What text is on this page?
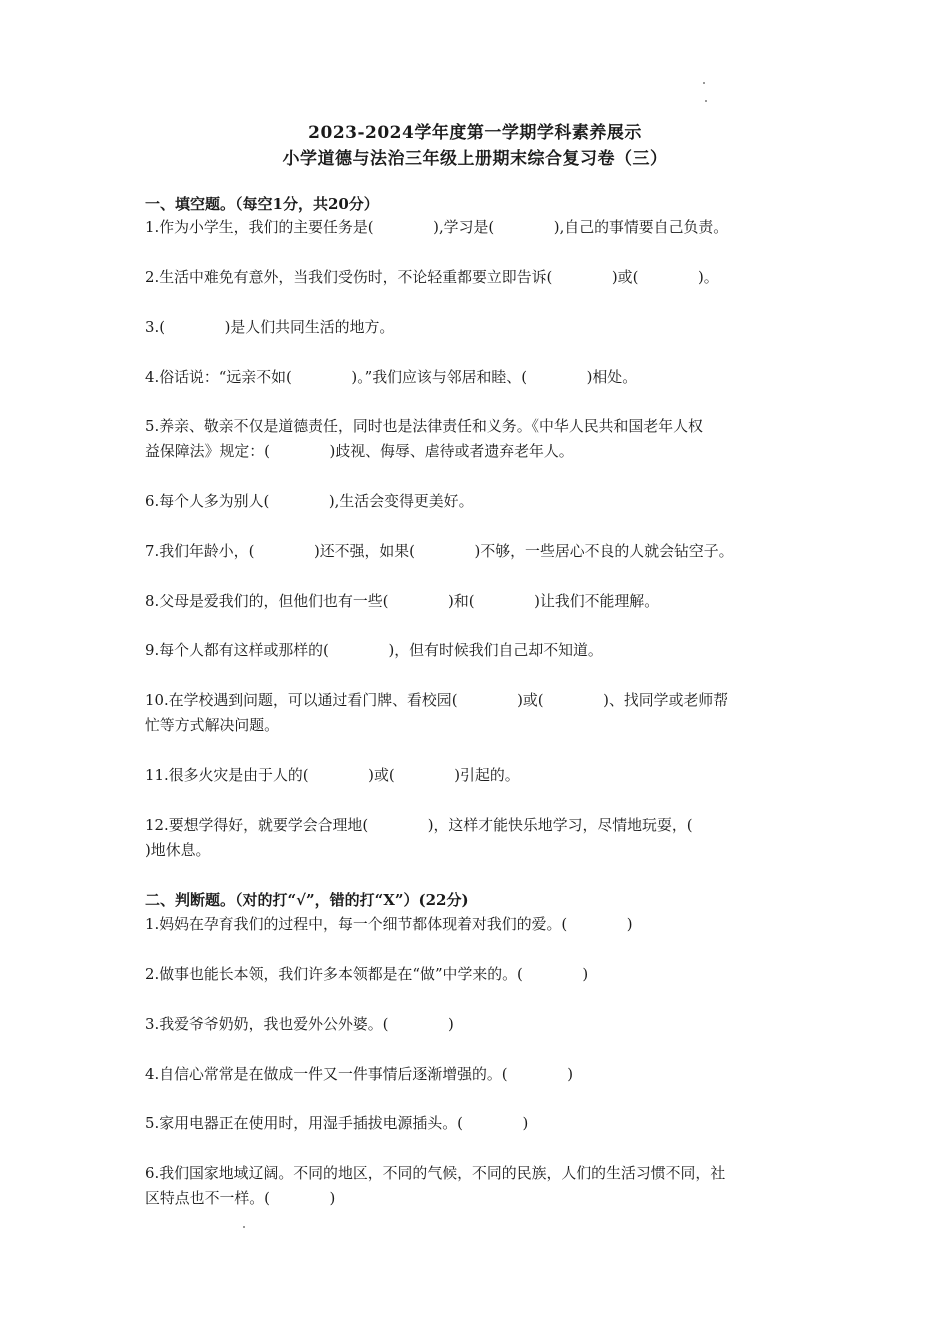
2023-2024学年度第一学期学科素养展示
小学道德与法治三年级上册期末综合复习卷（三）
一、填空题。（每空1分，共20分）
1.作为小学生，我们的主要任务是(　　　　),学习是(　　　　),自己的事情要自己负责。
2.生活中难免有意外，当我们受伤时，不论轻重都要立即告诉(　　　　)或(　　　　)。
3.(　　　　)是人们共同生活的地方。
4.俗话说：“远亲不如(　　　　)。”我们应该与邻居和睦、(　　　　)相处。
5.养亲、敬亲不仅是道德责任，同时也是法律责任和义务。《中华人民共和国老年人权
益保障法》规定：(　　　　)歧视、侮辱、虐待或者遗弃老年人。
6.每个人多为别人(　　　　),生活会变得更美好。
7.我们年龄小，(　　　　)还不强，如果(　　　　)不够，一些居心不良的人就会钻空子。
8.父母是爱我们的，但他们也有一些(　　　　)和(　　　　)让我们不能理解。
9.每个人都有这样或那样的(　　　　)，但有时候我们自己却不知道。
10.在学校遇到问题，可以通过看门牌、看校园(　　　　)或(　　　　)、找同学或老师帮
忙等方式解决问题。
11.很多火灾是由于人的(　　　　)或(　　　　)引起的。
12.要想学得好，就要学会合理地(　　　　)，这样才能快乐地学习，尽情地玩耍，(
)地休息。
二、判断题。（对的打“√”，错的打“X”）(22分)
1.妈妈在孕育我们的过程中，每一个细节都体现着对我们的爱。(　　　　)
2.做事也能长本领，我们许多本领都是在“做”中学来的。(　　　　)
3.我爱爷爷奶奶，我也爱外公外婆。(　　　　)
4.自信心常常是在做成一件又一件事情后逐渐增强的。(　　　　)
5.家用电器正在使用时，用湿手插拔电源插头。(　　　　)
6.我们国家地域辽阔。不同的地区，不同的气候，不同的民族，人们的生活习惯不同，社
区特点也不一样。(　　　　)
